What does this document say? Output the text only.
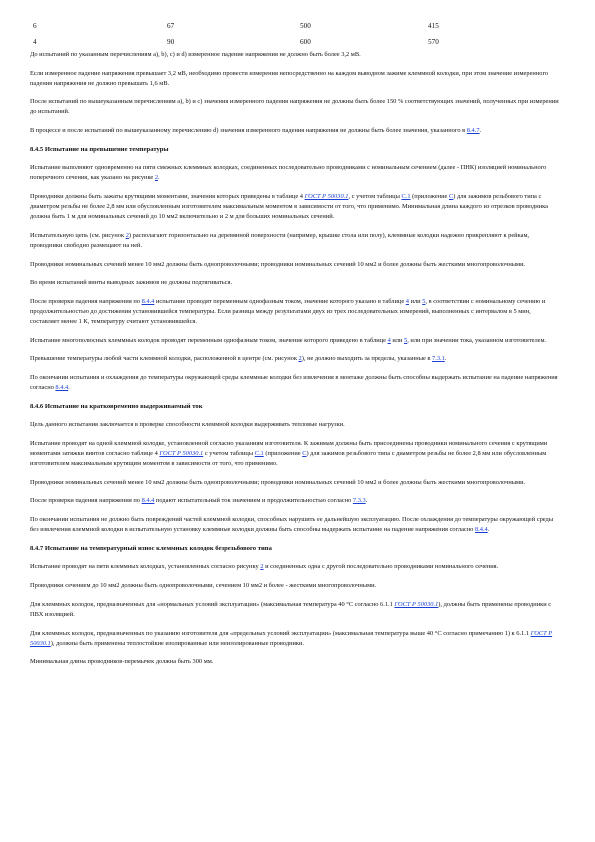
6	67	500	415
4	90	600	570

До испытаний по указанным перечислениям а), b), с) и d) измеренное падение напряжения не должно быть более 3,2 мВ.

Если измеренное падение напряжения превышает 3,2 мВ, необходимо провести измерения непосредственно на каждом выводном зажиме клеммной колодки, при этом значение измеренного падения напряжения не должно превышать 1,6 мВ.

После испытаний по вышеуказанным перечислениям а), b) и с) значения измеренного падения напряжения не должны быть более 150 % соответствующих значений, полученных при измерении до испытаний.

В процессе и после испытаний по вышеуказанному перечислению d) значения измеренного падения напряжения не должны быть более значения, указанного в 8.4.7.

8.4.5 Испытание на превышение температуры

Испытание выполняют одновременно на пяти смежных клеммных колодках, соединенных последовательно проводниками с номинальным сечением (далее - ПНК) изоляцией номинального поперечного сечения, как указано на рисунке 2.

Проводники должны быть зажаты крутящими моментами, значения которых приведены в таблице 4 ГОСТ Р 50030.1, с учетом таблицы С.1 (приложение С) для зажимов резьбового типа с диаметром резьбы не более 2,8 мм или обусловленным изготовителем максимальным моментом в зависимости от того, что применимо. Минимальная длина каждого из отрезков проводника должна быть 1 м для номинальных сечений до 10 мм2 включительно и 2 м для больших номинальных сечений.

Испытательную цепь (см. рисунок 2) располагают горизонтально на деревянной поверхности (например, крышке стола или полу), клеммные колодки надежно прикрепляют к рейкам, проводники свободно размещают на ней.

Проводники номинальных сечений менее 10 мм2 должны быть однопроволочными; проводники номинальных сечений 10 мм2 и более должны быть жесткими многопроволочными.

Во время испытаний винты выводных зажимов не должны подтягиваться.

После проверки падения напряжения по 8.4.4 испытание проводят переменным однофазным током, значение которого указано в таблице 4 или 5, в соответствии с номинальному сечению и продолжительностью до достижения установившейся температуры. Если разница между результатами двух из трех последовательных измерений, выполненных с интервалом в 5 мин, составляет менее 1 К, температуру считают установившейся.

Испытание многополюсных клеммных колодок проводят переменным однофазным током, значение которого приведено в таблице 4 или 5, или при значении тока, указанном изготовителем.

Превышение температуры любой части клеммной колодки, расположенной в центре (см. рисунок 2), не должно выходить за пределы, указанные в 7.3.1.

По окончании испытания и охлаждения до температуры окружающей среды клеммные колодки без извлечения в монтаже должны быть способны выдержать испытание на падение напряжения согласно 8.4.4.

8.4.6 Испытание на кратковременно выдерживаемый ток

Цель данного испытания заключается в проверке способности клеммной колодки выдерживать тепловые нагрузки.

Испытание проводят на одной клеммной колодке, установленной согласно указаниям изготовителя. К зажимам должны быть присоединены проводники номинального сечения с крутящими моментами затяжки винтов согласно таблице 4 ГОСТ Р 50030.1 с учетом таблицы С.1 (приложение С) для зажимов резьбового типа с диаметром резьбы не более 2,8 мм или обусловленным изготовителем максимальным крутящим моментом в зависимости от того, что применимо.

Проводники номинальных сечений менее 10 мм2 должны быть однопроволочными; проводники номинальных сечений 10 мм2 и более должны быть жесткими многопроволочными.

После проверки падения напряжения по 8.4.4 подают испытательный ток значением и продолжительностью согласно 7.3.3.

По окончании испытания не должно быть повреждений частей клеммной колодки, способных нарушить ее дальнейшую эксплуатацию. После охлаждения до температуры окружающей среды без извлечения клеммной колодки в испытательную установку клеммные колодки должны быть способны выдержать испытание на падение напряжения согласно 8.4.4.

8.4.7 Испытание на температурный износ клеммных колодок безрезьбового типа

Испытание проводят на пяти клеммных колодках, установленных согласно рисунку 2 и соединенных одна с другой последовательно проводниками номинального сечения.

Проводники сечением до 10 мм2 должны быть однопроволочными, сечением 10 мм2 и более - жесткими многопроволочными.

Для клеммных колодок, предназначенных для «нормальных условий эксплуатации» (максимальная температура 40 °С согласно 6.1.1 ГОСТ Р 50030.1), должны быть применены проводники с ПВХ изоляцией.

Для клеммных колодок, предназначенных по указанию изготовителя для «предельных условий эксплуатации» (максимальная температура выше 40 °С согласно примечанию 1) к 6.1.1 ГОСТ Р 50030.1), должны быть применены теплостойкие изолированные или неизолированные проводники.

Минимальная длина проводников-перемычек должна быть 300 мм.
